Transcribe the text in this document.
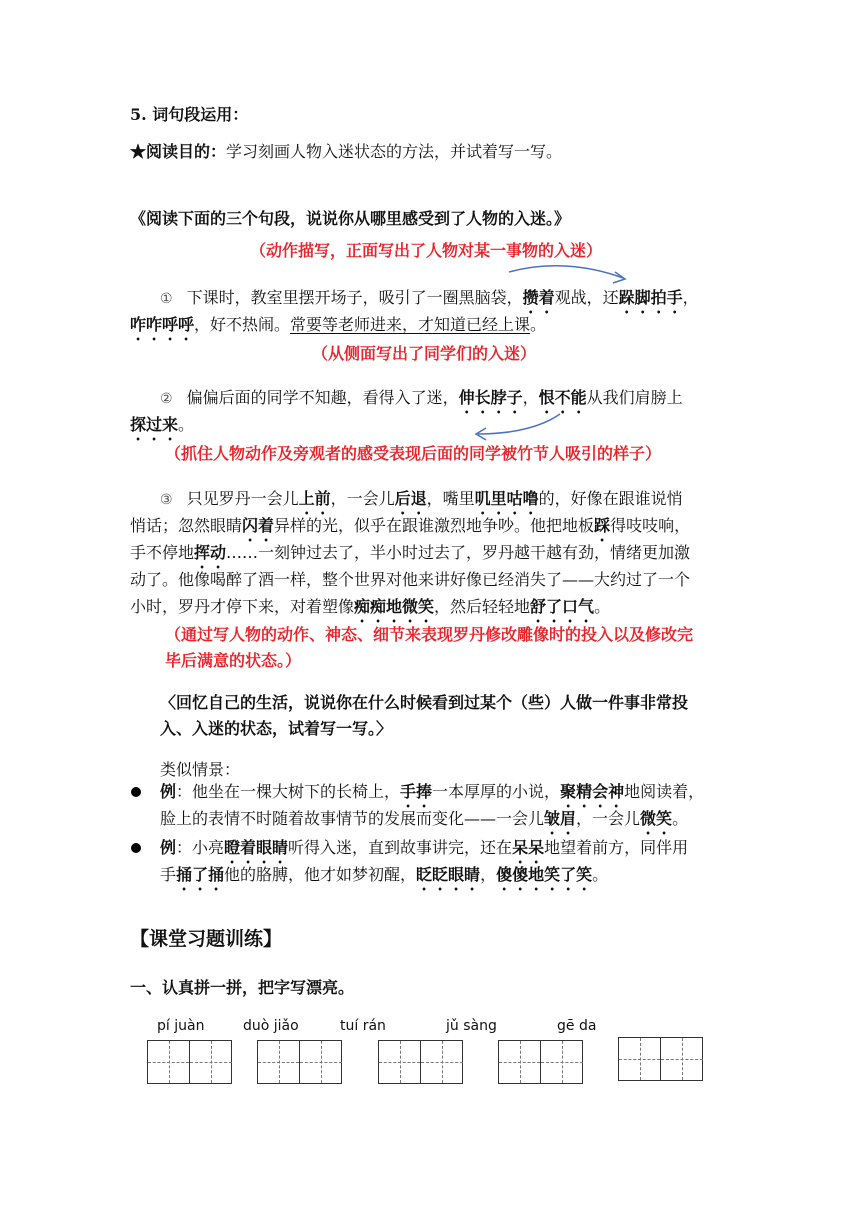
5. 词句段运用：
★阅读目的：学习刻画人物入迷状态的方法，并试着写一写。
《阅读下面的三个句段，说说你从哪里感受到了人物的入迷。》
（动作描写，正面写出了人物对某一事物的入迷）
① 下课时，教室里摆开场子，吸引了一圈黑脑袋，攒着观战，还跺脚拍手，
咋咋呼呼，好不热闹。常要等老师进来，才知道已经上课。
（从侧面写出了同学们的入迷）
② 偏偏后面的同学不知趣，看得入了迷，伸长脖子，恨不能从我们肩膀上
探过来。
（抓住人物动作及旁观者的感受表现后面的同学被竹节人吸引的样子）
③ 只见罗丹一会儿上前，一会儿后退，嘴里叽里咕噜的，好像在跟谁说悄
悄话；忽然眼睛闪着异样的光，似乎在跟谁激烈地争吵。他把地板踩得吱吱响，
手不停地挥动……一刻钟过去了，半小时过去了，罗丹越干越有劲，情绪更加激
动了。他像喝醉了酒一样，整个世界对他来讲好像已经消失了——大约过了一个
小时，罗丹才停下来，对着塑像痴痴地微笑，然后轻轻地舒了口气。
（通过写人物的动作、神态、细节来表现罗丹修改雕像时的投入以及修改完
毕后满意的状态。）
〈回忆自己的生活，说说你在什么时候看到过某个（些）人做一件事非常投
入、入迷的状态，试着写一写。〉
类似情景：
例：他坐在一棵大树下的长椅上，手捧一本厚厚的小说，聚精会神地阅读着，
脸上的表情不时随着故事情节的发展而变化——一会儿皱眉，一会儿微笑。
例：小亮瞪着眼睛听得入迷，直到故事讲完，还在呆呆地望着前方，同伴用
手捅了捅他的胳膊，他才如梦初醒，眨眨眼睛，傻傻地笑了笑。
【课堂习题训练】
一、认真拼一拼，把字写漂亮。
pí juàn	duò jiǎo	tuí rán	jǔ sàng	gē da
